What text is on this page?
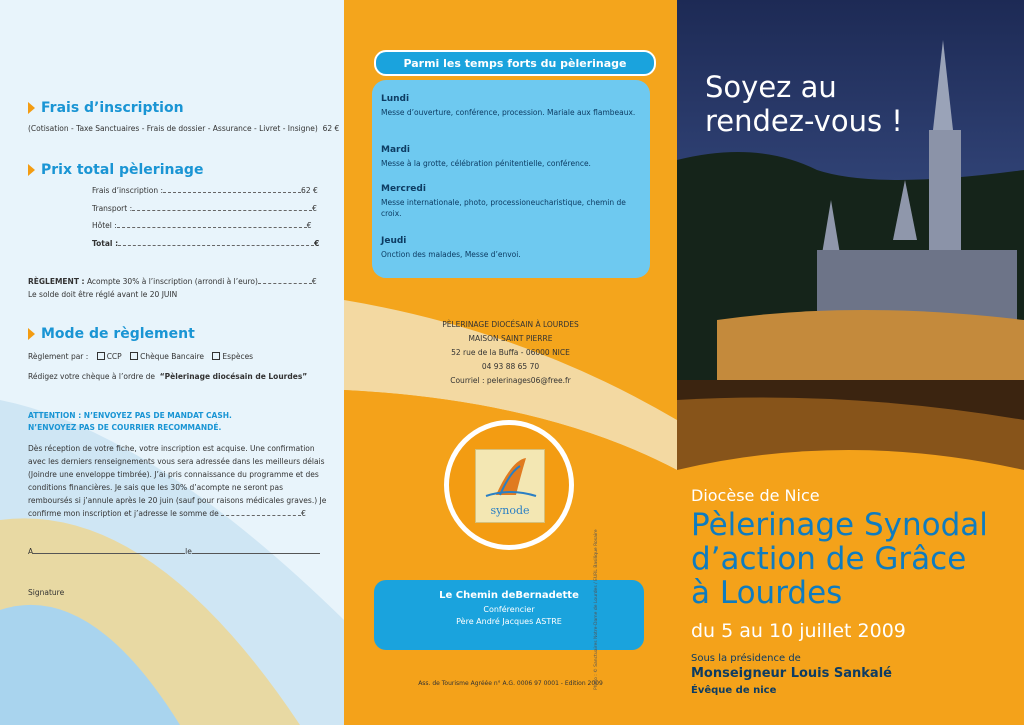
Frais d’inscription
(Cotisation - Taxe Sanctuaires - Frais de dossier - Assurance - Livret - Insigne) 62 €
Prix total pèlerinage
Frais d’inscription :	62 €
Transport :	€
Hôtel :	€
Total :	€
RÈGLEMENT :
Acompte 30% à l’inscription (arrondi à l’euro)	€
Le solde doit être réglé avant le 20 JUIN
Mode de règlement
Règlement par : CCP Chèque Bancaire Espèces
Rédigez votre chèque à l’ordre de “Pèlerinage diocésain de Lourdes”
ATTENTION : N’ENVOYEZ PAS DE MANDAT CASH.
N’ENVOYEZ PAS DE COURRIER RECOMMANDÉ.
Dès réception de votre fiche, votre inscription est acquise. Une confirmation avec les derniers renseignements vous sera adressée dans les meilleurs délais (Joindre une enveloppe timbrée). J’ai pris connaissance du programme et des conditions financières. Je sais que les 30% d’acompte ne seront pas remboursés si j’annule après le 20 juin (sauf pour raisons médicales graves.) Je confirme mon inscription et j’adresse le somme de	€
A	le
Signature
Parmi les temps forts du pèlerinage
Lundi
Messe d’ouverture, conférence, procession. Mariale aux flambeaux.
Mardi
Messe à la grotte, célébration pénitentielle, conférence.
Mercredi
Messe internationale, photo, processioneucharistique, chemin de croix.
Jeudi
Onction des malades, Messe d’envoi.
PÈLERINAGE DIOCÉSAIN À LOURDES
MAISON SAINT PIERRE
52 rue de la Buffa - 06000 NICE
04 93 88 65 70
Courriel : pelerinages06@free.fr
synode
Le Chemin deBernadette
Conférencier
Père André Jacques ASTRE
Ass. de Tourisme Agréée n° A.G. 0006 97 0001 - Edition 2009
Photo : © Sanctuaires Notre-Dame de Lourdes / EURL Basilique Rosaire
Soyez au rendez-vous !
Diocèse de Nice
Pèlerinage Synodal
d’action de Grâce
à Lourdes
du 5 au 10 juillet 2009
Sous la présidence de
Monseigneur Louis Sankalé
Évêque de nice
